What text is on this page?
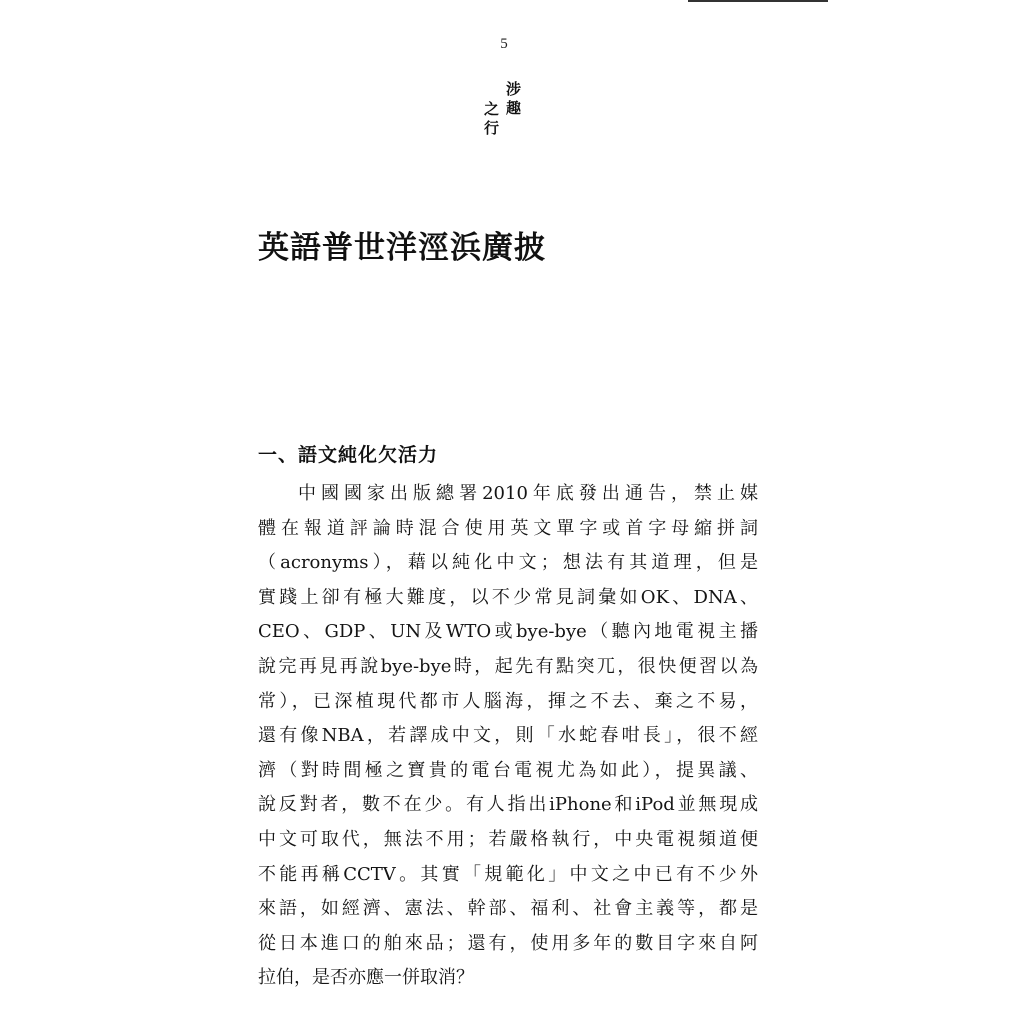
5
涉
趣
之
行
英語普世洋涇浜廣披
一、語文純化欠活力
中國國家出版總署2010年底發出通告，禁止媒
體在報道評論時混合使用英文單字或首字母縮拼詞
（acronyms），藉以純化中文；想法有其道理，但是
實踐上卻有極大難度，以不少常見詞彙如OK、DNA、
CEO、GDP、UN及WTO或bye-bye（聽內地電視主播
說完再見再說bye-bye時，起先有點突兀，很快便習以為
常），已深植現代都市人腦海，揮之不去、棄之不易，
還有像NBA，若譯成中文，則「水蛇春咁長」，很不經
濟（對時間極之寶貴的電台電視尤為如此），提異議、
說反對者，數不在少。有人指出iPhone和iPod並無現成
中文可取代，無法不用；若嚴格執行，中央電視頻道便
不能再稱CCTV。其實「規範化」中文之中已有不少外
來語，如經濟、憲法、幹部、福利、社會主義等，都是
從日本進口的舶來品；還有，使用多年的數目字來自阿
拉伯，是否亦應一併取消？
